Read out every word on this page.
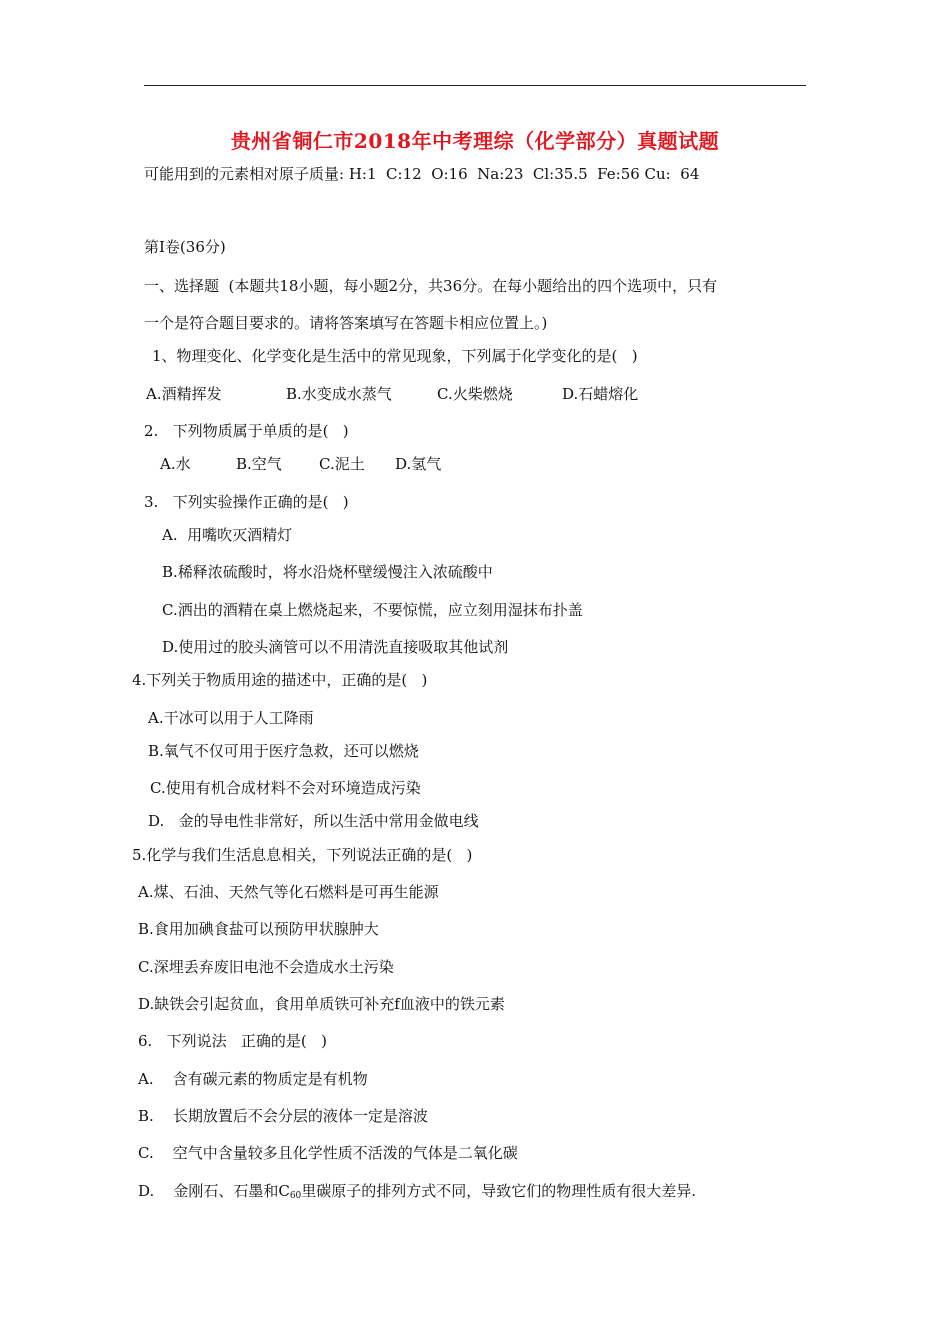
贵州省铜仁市2018年中考理综（化学部分）真题试题
可能用到的元素相对原子质量: H:1  C:12  O:16  Na:23  Cl:35.5  Fe:56 Cu:  64
第Ⅰ卷(36分)
一、选择题  (本题共18小题，每小题2分，共36分。在每小题给出的四个选项中，只有
一个是符合题目要求的。请将答案填写在答题卡相应位置上。)
1、物理变化、化学变化是生活中的常见现象，下列属于化学变化的是(   )
A.酒精挥发	B.水变成水蒸气	C.火柴燃烧	D.石蜡熔化
2.   下列物质属于单质的是(   )
A.水	B.空气 C.泥土 D.氢气
3.   下列实验操作正确的是(   )
A.  用嘴吹灭酒精灯
B.稀释浓硫酸时，将水沿烧杯壁缓慢注入浓硫酸中
C.洒出的酒精在桌上燃烧起来，不要惊慌，应立刻用湿抹布扑盖
D.使用过的胶头滴管可以不用清洗直接吸取其他试剂
4.下列关于物质用途的描述中，正确的是(   )
A.干冰可以用于人工降雨
B.氧气不仅可用于医疗急救，还可以燃烧
C.使用有机合成材料不会对环境造成污染
D.   金的导电性非常好，所以生活中常用金做电线
5.化学与我们生活息息相关，下列说法正确的是(   )
A.煤、石油、天然气等化石燃料是可再生能源
B.食用加碘食盐可以预防甲状腺肿大
C.深埋丢弃废旧电池不会造成水土污染
D.缺铁会引起贫血，食用单质铁可补充f血液中的铁元素
6.   下列说法   正确的是(   )
A.    含有碳元素的物质定是有机物
B.    长期放置后不会分层的液体一定是溶波
C.    空气中含量较多且化学性质不活泼的气体是二氧化碳
D.    金刚石、石墨和$C_{60}$里碳原子的排列方式不同，导致它们的物理性质有很大差异.
